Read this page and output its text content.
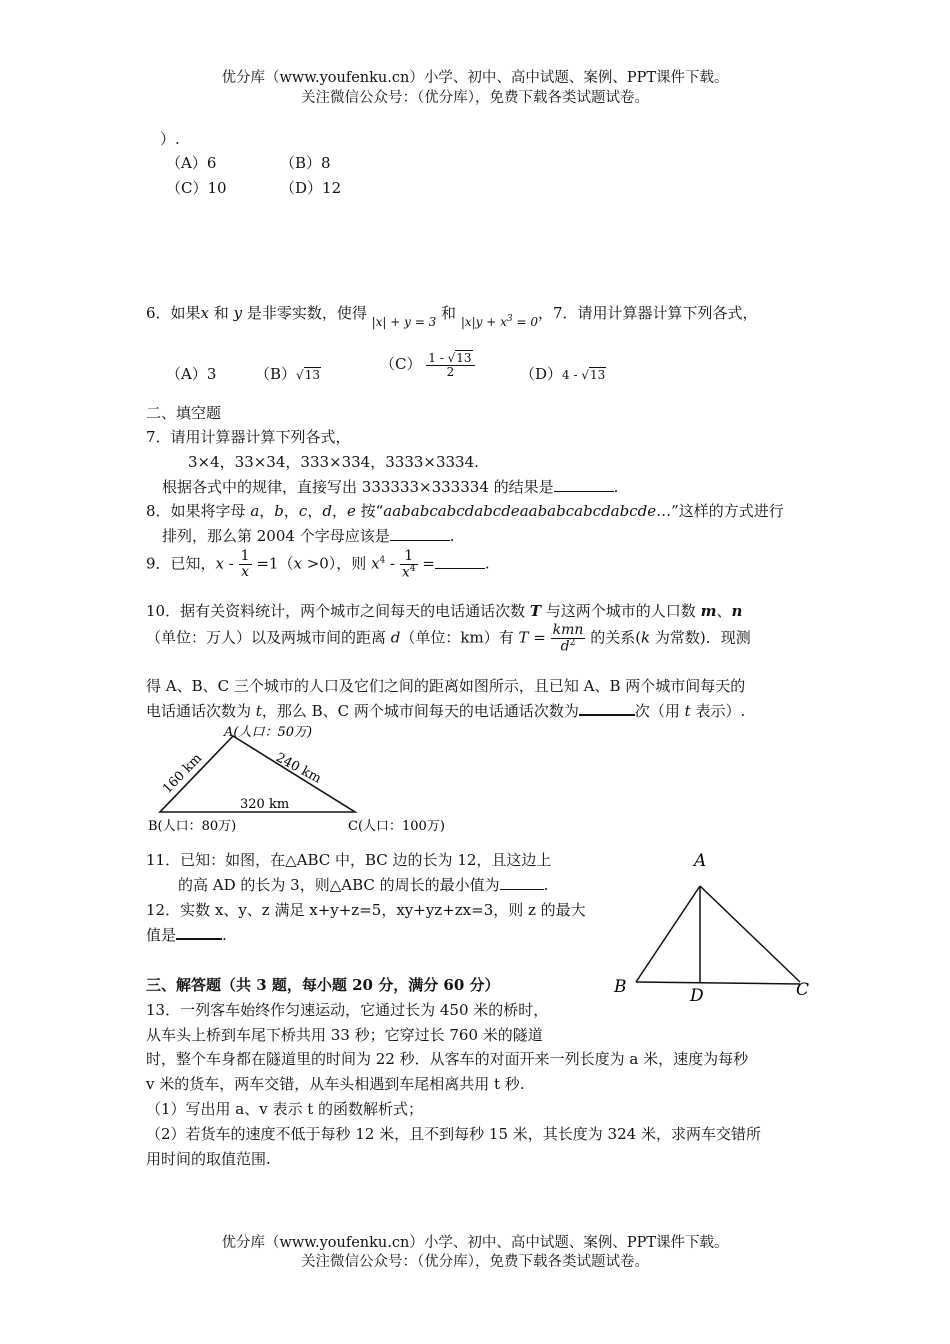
优分库（www.youfenku.cn）小学、初中、高中试题、案例、PPT课件下载。
关注微信公众号：（优分库），免费下载各类试题试卷。
）.
（A）6	（B）8
（C）10	（D）12
6．如果x 和 y 是非零实数，使得 $_{|x| + y = 3}$ 和 $_{|x|y + x^3 = 0}$，7．请用计算器计算下列各式，
（A）3	（B）√13
$(C) \frac{1 - √13}{2}$	（D）4 - √13
二、填空题
7．请用计算器计算下列各式，
3×4，33×34，333×334，3333×3334.
根据各式中的规律，直接写出 333333×333334 的结果是	.
8．如果将字母 a，b，c，d，e 按“aababcabcdabcdeaababcabcdabcde…”这样的方式进行
排列，那么第 2004 个字母应该是	.
9．已知，$x - \frac{1}{x} =1(x >0)$，则 $x^4 - \frac{1}{x^4}$ =	.
10．据有关资料统计，两个城市之间每天的电话通话次数 T 与这两个城市的人口数 m、n
（单位：万人）以及两城市间的距离 d（单位：km）有 $T = \frac{\text{kmn}}{d^2}$ 的关系(k 为常数)．现测
得 A、B、C 三个城市的人口及它们之间的距离如图所示，且已知 A、B 两个城市间每天的
电话通话次数为 t，那么 B、C 两个城市间每天的电话通话次数为	次（用 t 表示）.
A(人口：50万)
B(人口：80万)	C(人口：100万)
160 km	240 km
320 km
11．已知：如图，在△ABC 中，BC 边的长为 12，且这边上
的高 AD 的长为 3，则△ABC 的周长的最小值为	.
12．实数 x、y、z 满足 x+y+z=5，xy+yz+zx=3，则 z 的最大
值是	.
A
B	C
D
三、解答题（共 3 题，每小题 20 分，满分 60 分）
13．一列客车始终作匀速运动，它通过长为 450 米的桥时，
从车头上桥到车尾下桥共用 33 秒；它穿过长 760 米的隧道
时，整个车身都在隧道里的时间为 22 秒．从客车的对面开来一列长度为 a 米，速度为每秒
v 米的货车，两车交错，从车头相遇到车尾相离共用 t 秒.
（1）写出用 a、v 表示 t 的函数解析式；
（2）若货车的速度不低于每秒 12 米，且不到每秒 15 米，其长度为 324 米，求两车交错所
用时间的取值范围.
优分库（www.youfenku.cn）小学、初中、高中试题、案例、PPT课件下载。
关注微信公众号：（优分库），免费下载各类试题试卷。
